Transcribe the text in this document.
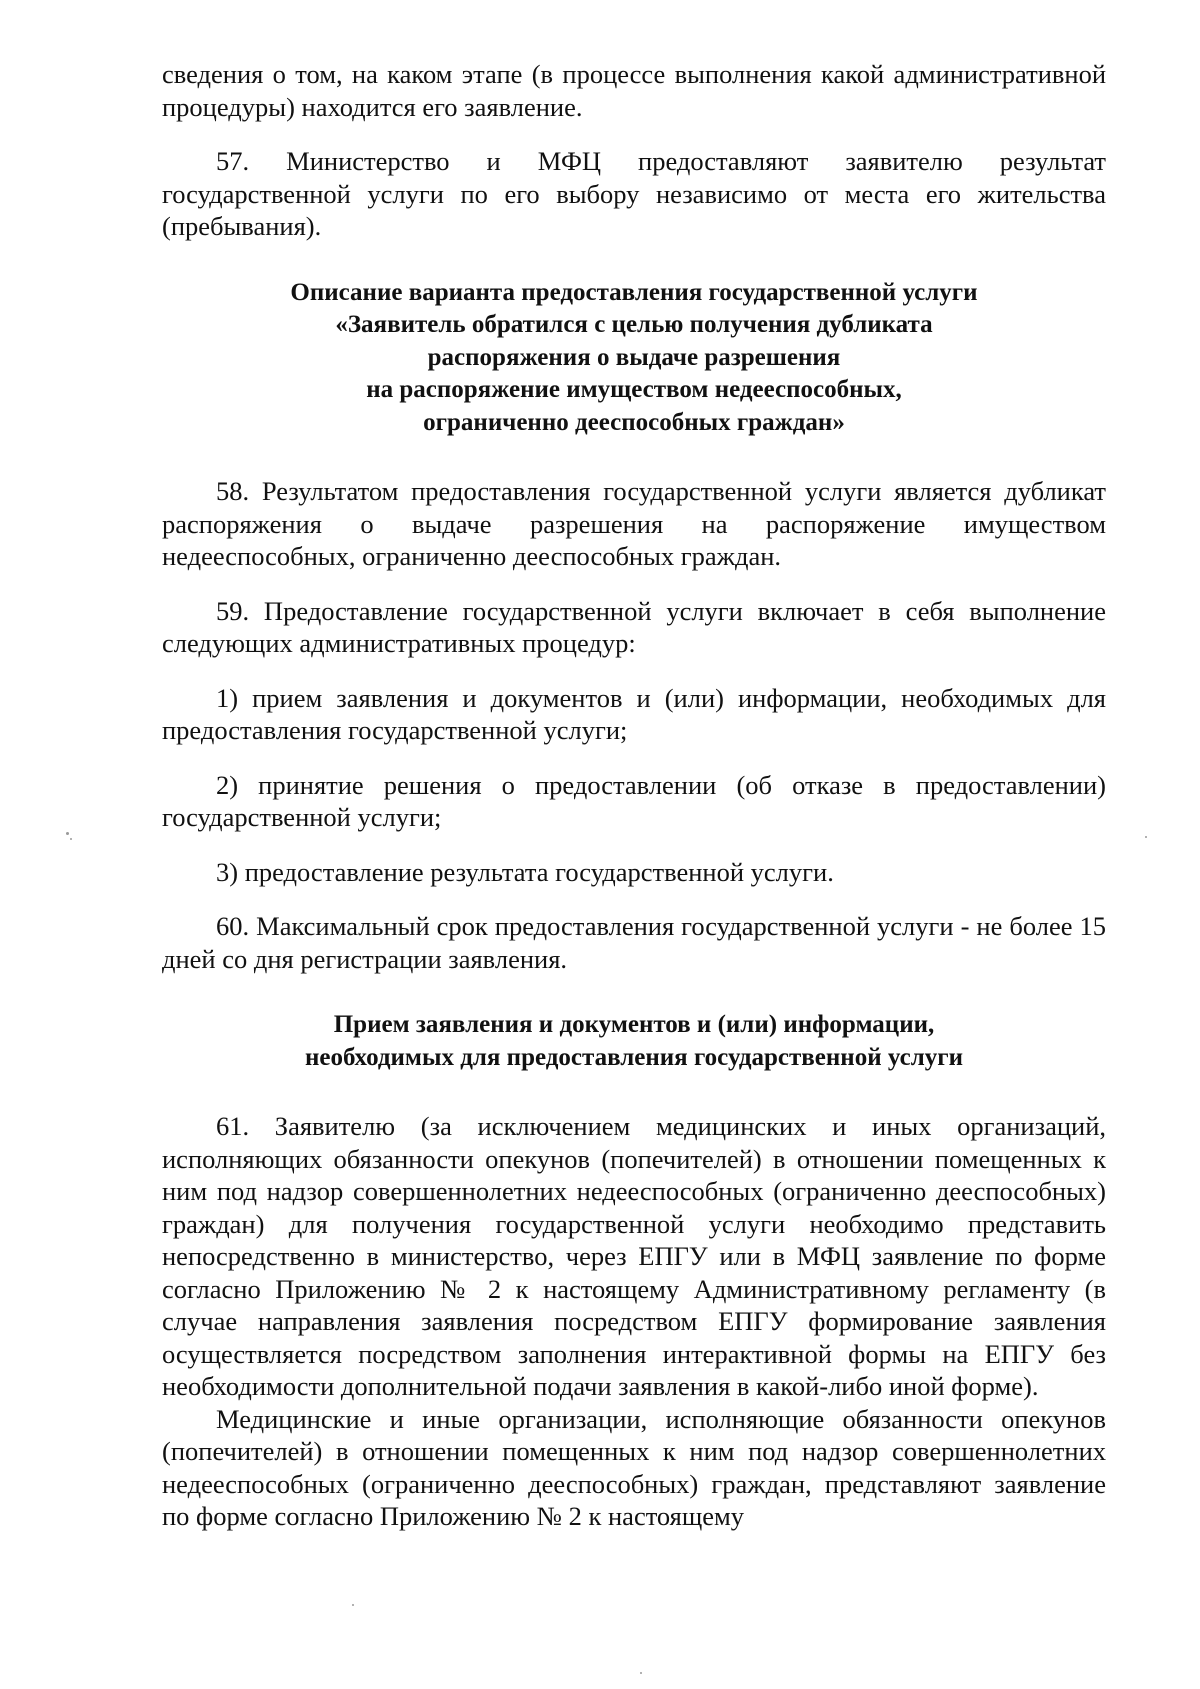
сведения о том, на каком этапе (в процессе выполнения какой административной процедуры) находится его заявление.

57. Министерство и МФЦ предоставляют заявителю результат государственной услуги по его выбору независимо от места его жительства (пребывания).

Описание варианта предоставления государственной услуги

«Заявитель обратился с целью получения дубликата

распоряжения о выдаче разрешения

на распоряжение имуществом недееспособных,

ограниченно дееспособных граждан»

58. Результатом предоставления государственной услуги является дубликат распоряжения о выдаче разрешения на распоряжение имуществом недееспособных, ограниченно дееспособных граждан.

59. Предоставление государственной услуги включает в себя выполнение следующих административных процедур:

1) прием заявления и документов и (или) информации, необходимых для предоставления государственной услуги;

2) принятие решения о предоставлении (об отказе в предоставлении) государственной услуги;

3) предоставление результата государственной услуги.

60. Максимальный срок предоставления государственной услуги - не более 15 дней со дня регистрации заявления.

Прием заявления и документов и (или) информации,

необходимых для предоставления государственной услуги

61. Заявителю (за исключением медицинских и иных организаций, исполняющих обязанности опекунов (попечителей) в отношении помещенных к ним под надзор совершеннолетних недееспособных (ограниченно дееспособных) граждан) для получения государственной услуги необходимо представить непосредственно в министерство, через ЕПГУ или в МФЦ заявление по форме согласно Приложению № 2 к настоящему Административному регламенту (в случае направления заявления посредством ЕПГУ формирование заявления осуществляется посредством заполнения интерактивной формы на ЕПГУ без необходимости дополнительной подачи заявления в какой-либо иной форме).

Медицинские и иные организации, исполняющие обязанности опекунов (попечителей) в отношении помещенных к ним под надзор совершеннолетних недееспособных (ограниченно дееспособных) граждан, представляют заявление по форме согласно Приложению № 2 к настоящему
